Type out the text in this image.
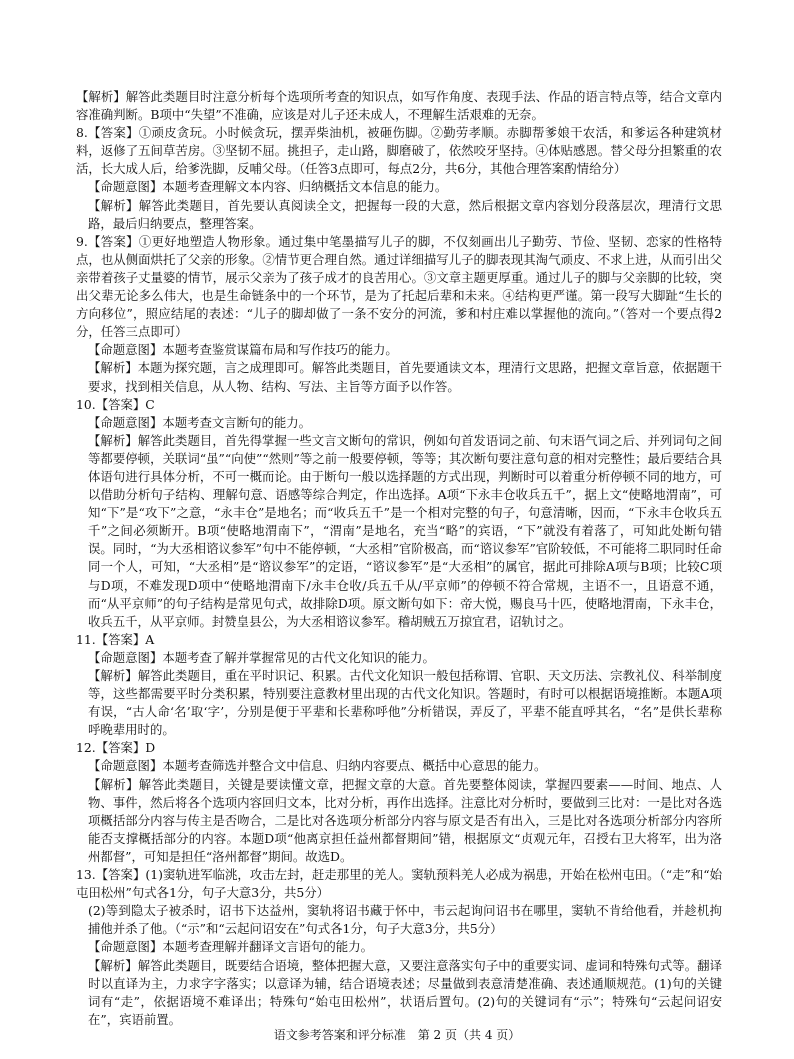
【解析】解答此类题目时注意分析每个选项所考查的知识点，如写作角度、表现手法、作品的语言特点等，结合文章内容准确判断。B项中“失望”不准确，应该是对儿子还未成人，不理解生活艰难的无奈。

8.【答案】①顽皮贪玩。小时候贪玩，摆弄柴油机，被砸伤脚。②勤劳孝顺。赤脚帮爹娘干农活，和爹运各种建筑材料，返修了五间草苦房。③坚韧不屈。挑担子，走山路，脚磨破了，依然咬牙坚持。④体贴感恩。替父母分担繁重的农活，长大成人后，给爹洗脚，反哺父母。（任答3点即可，每点2分，共6分，其他合理答案酌情给分）

【命题意图】本题考查理解文本内容、归纳概括文本信息的能力。

【解析】解答此类题目，首先要认真阅读全文，把握每一段的大意，然后根据文章内容划分段落层次，理清行文思路，最后归纳要点，整理答案。

9.【答案】①更好地塑造人物形象。通过集中笔墨描写儿子的脚，不仅刻画出儿子勤劳、节俭、坚韧、恋家的性格特点，也从侧面烘托了父亲的形象。②情节更合理自然。通过详细描写儿子的脚表现其淘气顽皮、不求上进，从而引出父亲带着孩子丈量婆的情节，展示父亲为了孩子成才的良苦用心。③文章主题更厚重。通过儿子的脚与父亲脚的比较，突出父辈无论多么伟大，也是生命链条中的一个环节，是为了托起后辈和未来。④结构更严谨。第一段写大脚趾“生长的方向移位”，照应结尾的表述：“儿子的脚却做了一条不安分的河流，爹和村庄难以掌握他的流向。”（答对一个要点得2分，任答三点即可）

【命题意图】本题考查鉴赏谋篇布局和写作技巧的能力。

【解析】本题为探究题，言之成理即可。解答此类题目，首先要通读文本，理清行文思路，把握文章旨意，依据题干要求，找到相关信息，从人物、结构、写法、主旨等方面予以作答。

10.【答案】C

【命题意图】本题考查文言断句的能力。

【解析】解答此类题目，首先得掌握一些文言文断句的常识，例如句首发语词之前、句末语气词之后、并列词句之间等都要停顿，关联词“虽”“向使”“然则”等之前一般要停顿，等等；其次断句要注意句意的相对完整性；最后要结合具体语句进行具体分析，不可一概而论。由于断句一般以选择题的方式出现，判断时可以着重分析停顿不同的地方，可以借助分析句子结构、理解句意、语感等综合判定，作出选择。A项“下永丰仓收兵五千”，据上文“使略地渭南”，可知“下”是“攻下”之意，“永丰仓”是地名；而“收兵五千”是一个相对完整的句子，句意清晰，因而，“下永丰仓收兵五千”之间必须断开。B项“使略地渭南下”，“渭南”是地名，充当“略”的宾语，“下”就没有着落了，可知此处断句错误。同时，“为大丞相谘议参军”句中不能停顿，“大丞相”官阶极高，而“谘议参军”官阶较低，不可能将二职同时任命同一个人，可知，“大丞相”是“谘议参军”的定语，“谘议参军”是“大丞相”的属官，据此可排除A项与B项；比较C项与D项，不难发现D项中“使略地渭南下/永丰仓收/兵五千从/平京师”的停顿不符合常规，主语不一，且语意不通，而“从平京师”的句子结构是常见句式，故排除D项。原文断句如下：帝大悦，赐良马十匹，使略地渭南，下永丰仓，收兵五千，从平京师。封赞皇县公，为大丞相谘议参军。稽胡贼五万掠宜君，诏轨讨之。

11.【答案】A

【命题意图】本题考查了解并掌握常见的古代文化知识的能力。

【解析】解答此类题目，重在平时识记、积累。古代文化知识一般包括称谓、官职、天文历法、宗教礼仪、科举制度等，这些都需要平时分类积累，特别要注意教材里出现的古代文化知识。答题时，有时可以根据语境推断。本题A项有误，“古人命‘名’取‘字’，分别是便于平辈和长辈称呼他”分析错误，弄反了，平辈不能直呼其名，“名”是供长辈称呼晚辈用时的。

12.【答案】D

【命题意图】本题考查筛选并整合文中信息、归纳内容要点、概括中心意思的能力。

【解析】解答此类题目，关键是要读懂文章，把握文章的大意。首先要整体阅读，掌握四要素——时间、地点、人物、事件，然后将各个选项内容回归文本，比对分析，再作出选择。注意比对分析时，要做到三比对：一是比对各选项概括部分内容与传主是否吻合，二是比对各选项分析部分内容与原文是否有出入，三是比对各选项分析部分内容所能否支撑概括部分的内容。本题D项“他离京担任益州都督期间”错，根据原文“贞观元年，召授右卫大将军，出为洛州都督”，可知是担任“洛州都督”期间。故选D。

13.【答案】(1)窦轨进军临洮，攻击左封，赶走那里的羌人。窦轨预料羌人必成为祸患，开始在松州屯田。（“走”和“始屯田松州”句式各1分，句子大意3分，共5分）

(2)等到隐太子被杀时，诏书下达益州，窦轨将诏书藏于怀中，韦云起询问诏书在哪里，窦轨不肯给他看，并趁机拘捕他并杀了他。（“示”和“云起问诏安在”句式各1分，句子大意3分，共5分）

【命题意图】本题考查理解并翻译文言语句的能力。

【解析】解答此类题目，既要结合语境，整体把握大意，又要注意落实句子中的重要实词、虚词和特殊句式等。翻译时以直译为主，力求字字落实；以意译为辅，结合语境表述；尽量做到表意清楚准确、表述通顺规范。(1)句的关键词有“走”，依据语境不难译出；特殊句“始屯田松州”，状语后置句。(2)句的关键词有“示”；特殊句“云起问诏安在”，宾语前置。

语文参考答案和评分标准　第 2 页（共 4 页）
